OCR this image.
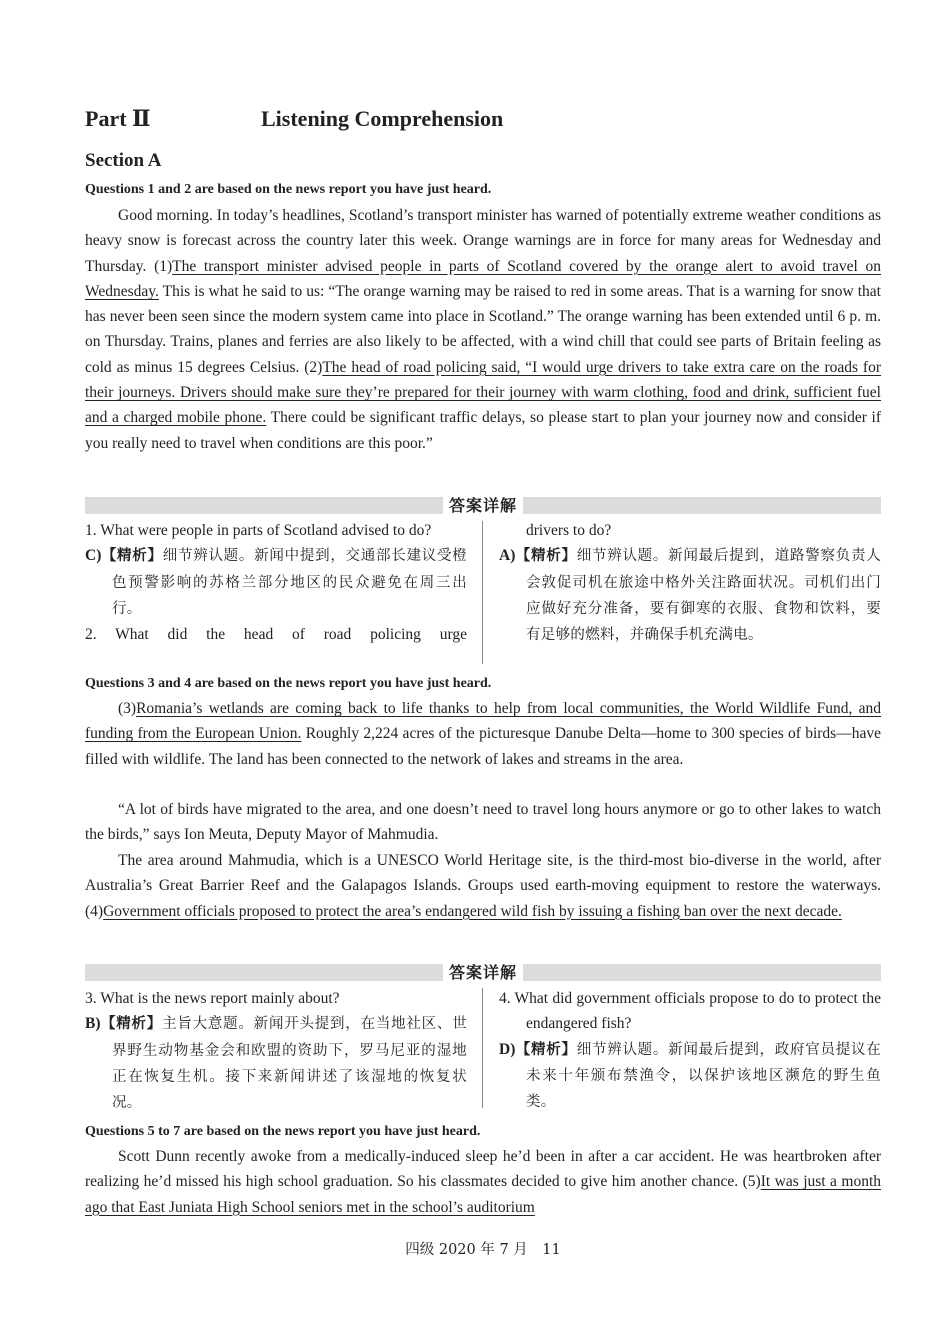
Part Ⅱ	Listening Comprehension
Section A
Questions 1 and 2 are based on the news report you have just heard.

Good morning. In today’s headlines, Scotland’s transport minister has warned of potentially extreme weather conditions as heavy snow is forecast across the country later this week. Orange warnings are in force for many areas for Wednesday and Thursday. (1)The transport minister advised people in parts of Scotland covered by the orange alert to avoid travel on Wednesday. This is what he said to us: “The orange warning may be raised to red in some areas. That is a warning for snow that has never been seen since the modern system came into place in Scotland.” The orange warning has been extended until 6 p. m. on Thursday. Trains, planes and ferries are also likely to be affected, with a wind chill that could see parts of Britain feeling as cold as minus 15 degrees Celsius. (2)The head of road policing said, “I would urge drivers to take extra care on the roads for their journeys. Drivers should make sure they’re prepared for their journey with warm clothing, food and drink, sufficient fuel and a charged mobile phone. There could be significant traffic delays, so please start to plan your journey now and consider if you really need to travel when conditions are this poor.”

答案详解

1. What were people in parts of Scotland advised to do?

C)【精析】细节辨认题。新闻中提到，交通部长建议受橙色预警影响的苏格兰部分地区的民众避免在周三出行。

2. What did the head of road policing urge

drivers to do?

A)【精析】细节辨认题。新闻最后提到，道路警察负责人会敦促司机在旅途中格外关注路面状况。司机们出门应做好充分准备，要有御寒的衣服、食物和饮料，要有足够的燃料，并确保手机充满电。

Questions 3 and 4 are based on the news report you have just heard.

(3)Romania’s wetlands are coming back to life thanks to help from local communities, the World Wildlife Fund, and funding from the European Union. Roughly 2,224 acres of the picturesque Danube Delta—home to 300 species of birds—have filled with wildlife. The land has been connected to the network of lakes and streams in the area.

“A lot of birds have migrated to the area, and one doesn’t need to travel long hours anymore or go to other lakes to watch the birds,” says Ion Meuta, Deputy Mayor of Mahmudia.

The area around Mahmudia, which is a UNESCO World Heritage site, is the third-most bio-diverse in the world, after Australia’s Great Barrier Reef and the Galapagos Islands. Groups used earth-moving equipment to restore the waterways. (4)Government officials proposed to protect the area’s endangered wild fish by issuing a fishing ban over the next decade.

答案详解

3. What is the news report mainly about?

B)【精析】主旨大意题。新闻开头提到，在当地社区、世界野生动物基金会和欧盟的资助下，罗马尼亚的湿地正在恢复生机。接下来新闻讲述了该湿地的恢复状况。

4. What did government officials propose to do to protect the endangered fish?

D)【精析】细节辨认题。新闻最后提到，政府官员提议在未来十年颁布禁渔令，以保护该地区濒危的野生鱼类。

Questions 5 to 7 are based on the news report you have just heard.

Scott Dunn recently awoke from a medically-induced sleep he’d been in after a car accident. He was heartbroken after realizing he’d missed his high school graduation. So his classmates decided to give him another chance. (5)It was just a month ago that East Juniata High School seniors met in the school’s auditorium

四级 2020 年 7 月　11
